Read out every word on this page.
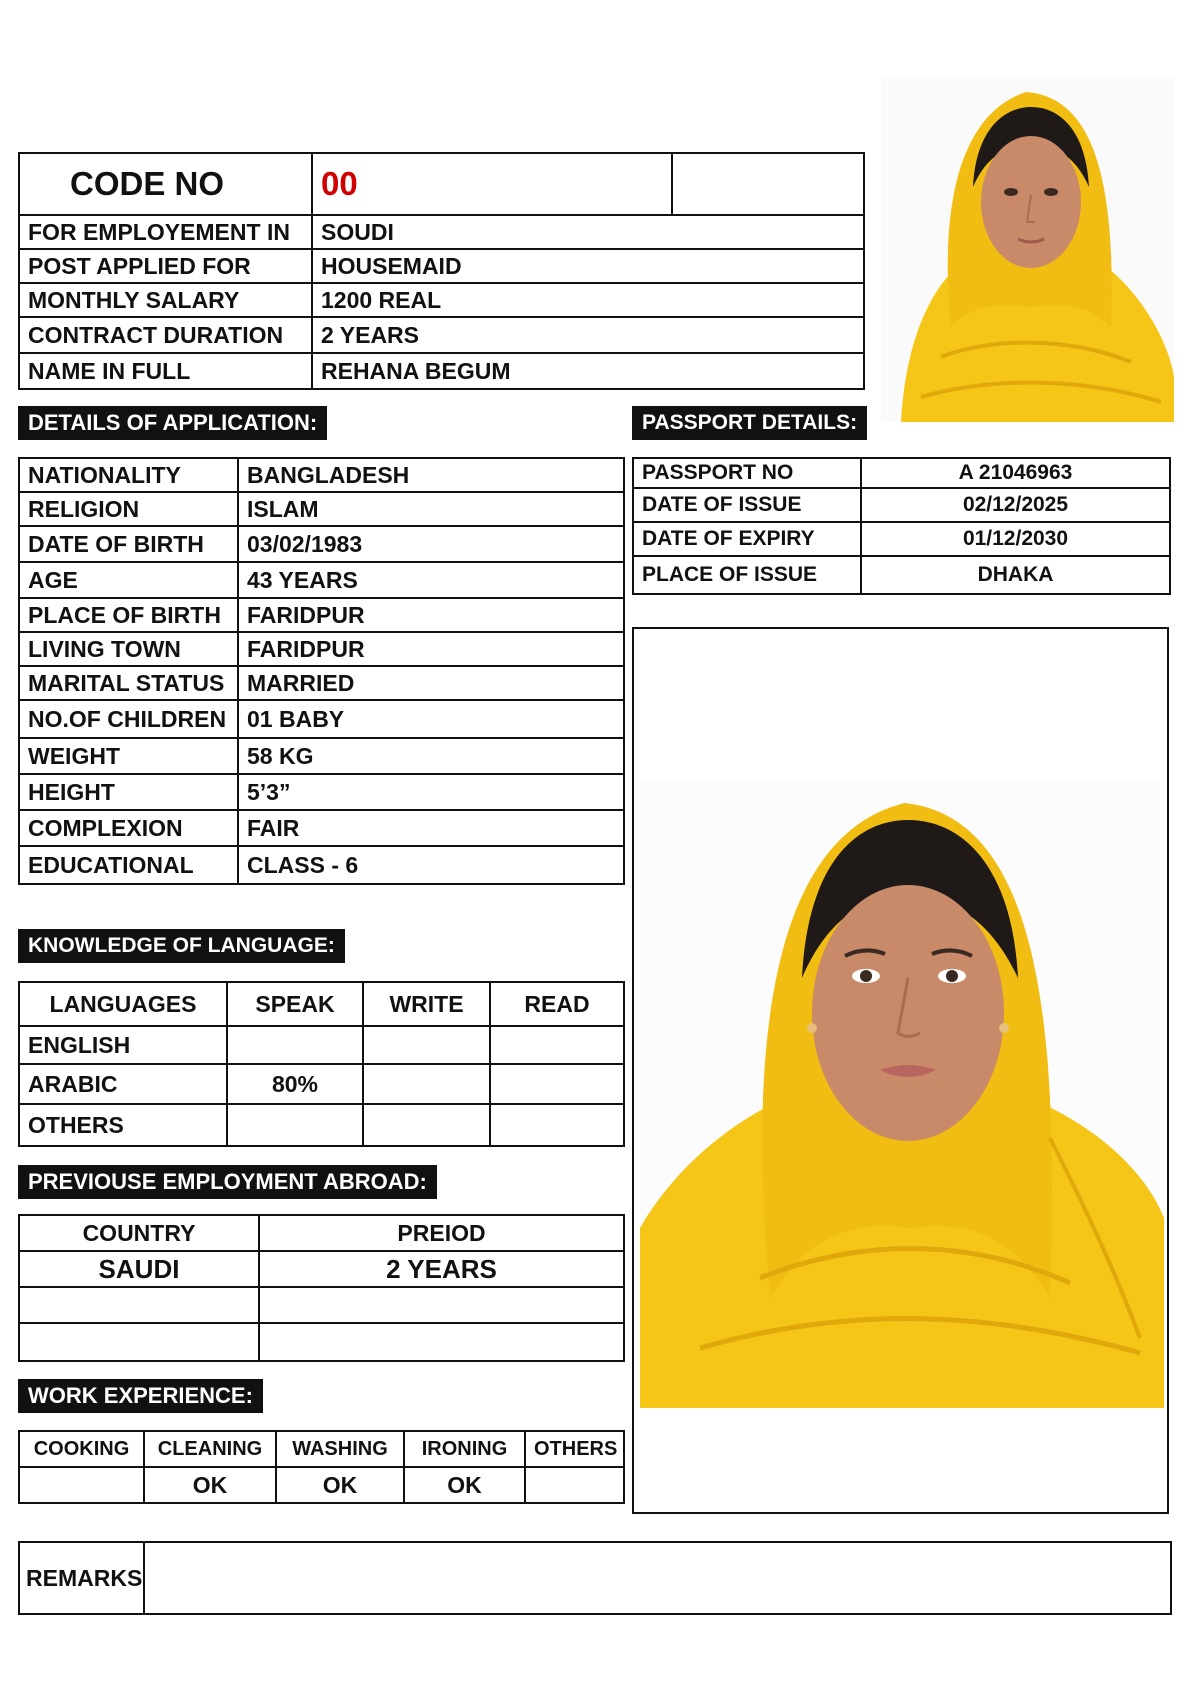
CODE NO	00	
FOR EMPLOYEMENT IN	SOUDI	
POST APPLIED FOR	HOUSEMAID	
MONTHLY SALARY	1200 REAL	
CONTRACT DURATION	2 YEARS	
NAME IN FULL	REHANA BEGUM	
DETAILS OF APPLICATION:	PASSPORT DETAILS:
NATIONALITY	BANGLADESH
RELIGION	ISLAM
DATE OF BIRTH	03/02/1983
AGE	43 YEARS
PLACE OF BIRTH	FARIDPUR
LIVING TOWN	FARIDPUR
MARITAL STATUS	MARRIED
NO.OF CHILDREN	01 BABY
WEIGHT	58 KG
HEIGHT	5’3”
COMPLEXION	FAIR
EDUCATIONAL	CLASS - 6
PASSPORT NO	A 21046963
DATE OF ISSUE	02/12/2025
DATE OF EXPIRY	01/12/2030
PLACE OF ISSUE	DHAKA
KNOWLEDGE OF LANGUAGE:
LANGUAGES	SPEAK	WRITE	READ
ENGLISH			
ARABIC	80%		
OTHERS			
PREVIOUSE EMPLOYMENT ABROAD:
COUNTRY	PREIOD
SAUDI	2 YEARS

WORK EXPERIENCE:
COOKING	CLEANING	WASHING	IRONING	OTHERS
	OK	OK	OK	
REMARKS	
